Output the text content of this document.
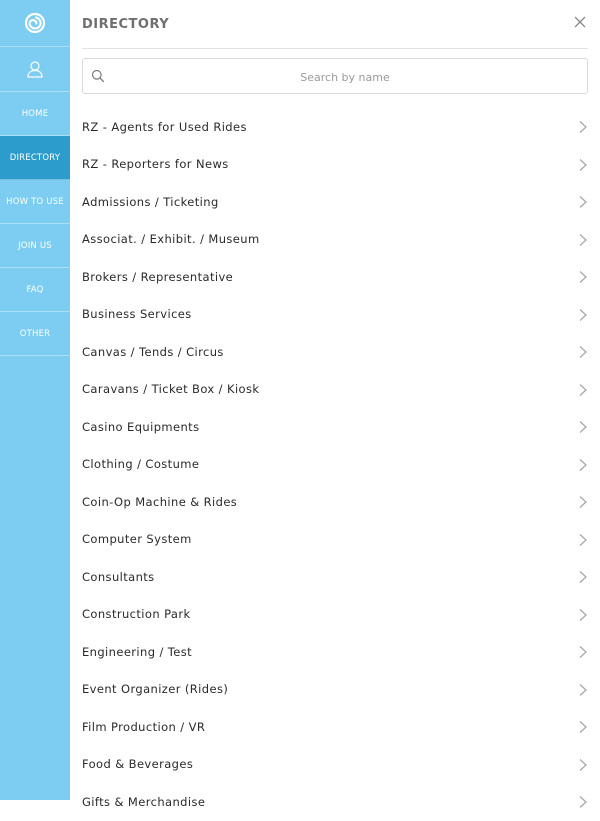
HOME
DIRECTORY
HOW TO USE
JOIN US
FAQ
OTHER
DIRECTORY
Search by name
RZ - Agents for Used Rides
RZ - Reporters for News
Admissions / Ticketing
Associat. / Exhibit. / Museum
Brokers / Representative
Business Services
Canvas / Tends / Circus
Caravans / Ticket Box / Kiosk
Casino Equipments
Clothing / Costume
Coin-Op Machine & Rides
Computer System
Consultants
Construction Park
Engineering / Test
Event Organizer (Rides)
Film Production / VR
Food & Beverages
Gifts & Merchandise
